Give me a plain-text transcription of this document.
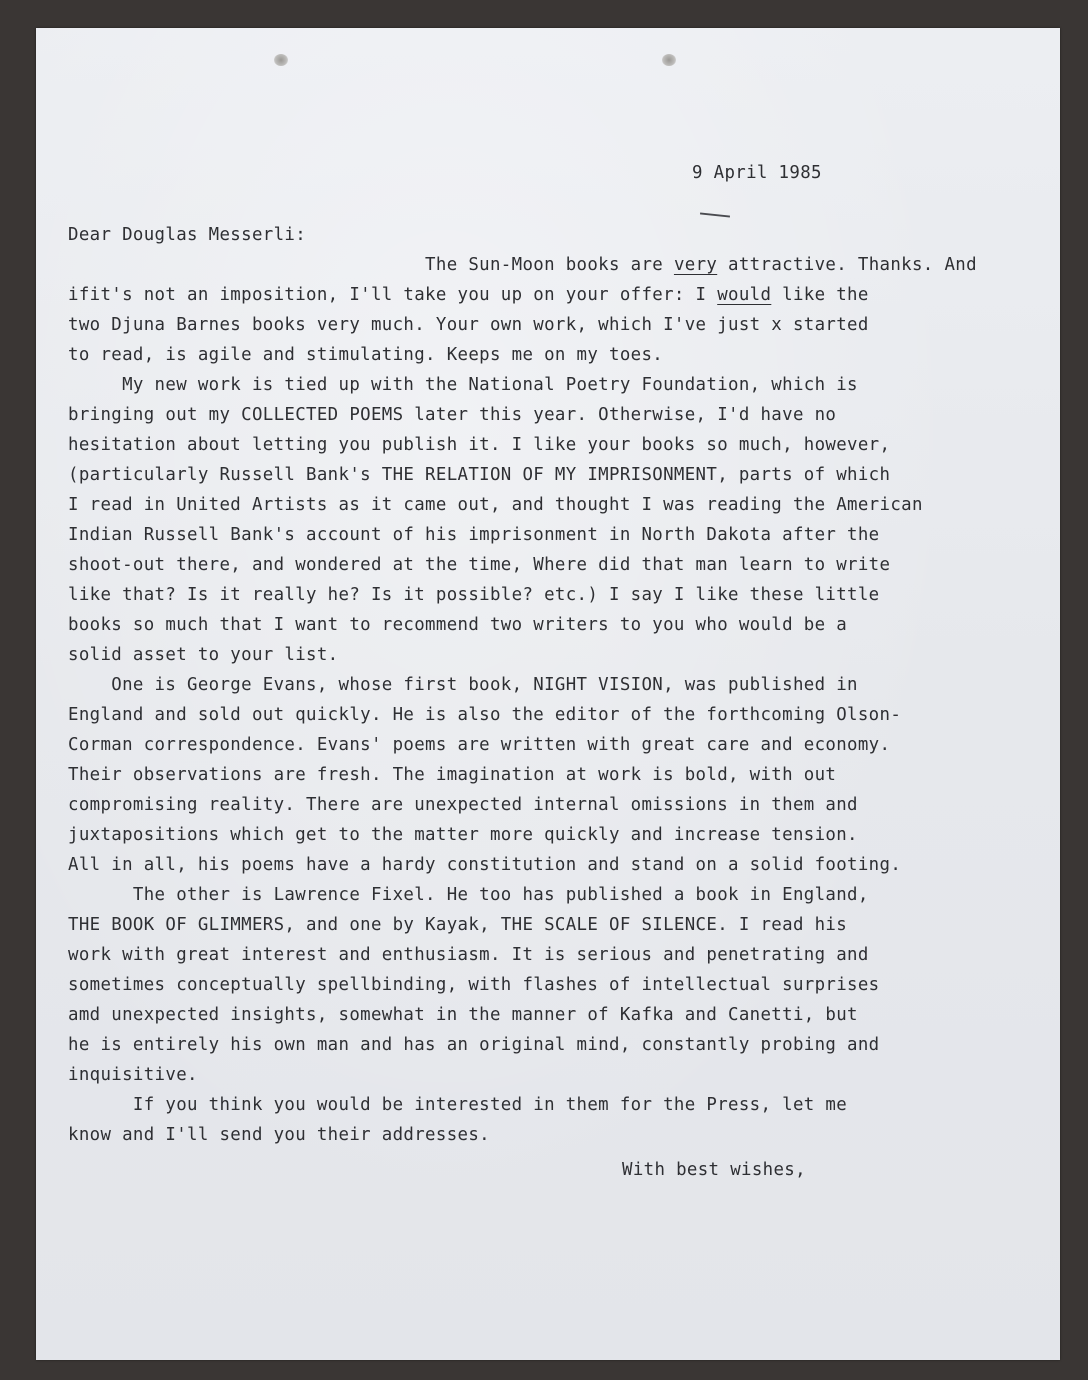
9 April 1985
Dear Douglas Messerli:
The Sun-Moon books are very attractive. Thanks. And
ifit's not an imposition, I'll take you up on your offer: I would like the
two Djuna Barnes books very much. Your own work, which I've just x started
to read, is agile and stimulating. Keeps me on my toes.
My new work is tied up with the National Poetry Foundation, which is
bringing out my COLLECTED POEMS later this year. Otherwise, I'd have no
hesitation about letting you publish it. I like your books so much, however,
(particularly Russell Bank's THE RELATION OF MY IMPRISONMENT, parts of which
I read in United Artists as it came out, and thought I was reading the American
Indian Russell Bank's account of his imprisonment in North Dakota after the
shoot-out there, and wondered at the time, Where did that man learn to write
like that? Is it really he? Is it possible? etc.) I say I like these little
books so much that I want to recommend two writers to you who would be a
solid asset to your list.
One is George Evans, whose first book, NIGHT VISION, was published in
England and sold out quickly. He is also the editor of the forthcoming Olson-
Corman correspondence. Evans' poems are written with great care and economy.
Their observations are fresh. The imagination at work is bold, with out
compromising reality. There are unexpected internal omissions in them and
juxtapositions which get to the matter more quickly and increase tension.
All in all, his poems have a hardy constitution and stand on a solid footing.
The other is Lawrence Fixel. He too has published a book in England,
THE BOOK OF GLIMMERS, and one by Kayak, THE SCALE OF SILENCE. I read his
work with great interest and enthusiasm. It is serious and penetrating and
sometimes conceptually spellbinding, with flashes of intellectual surprises
amd unexpected insights, somewhat in the manner of Kafka and Canetti, but
he is entirely his own man and has an original mind, constantly probing and
inquisitive.
If you think you would be interested in them for the Press, let me
know and I'll send you their addresses.
With best wishes,
